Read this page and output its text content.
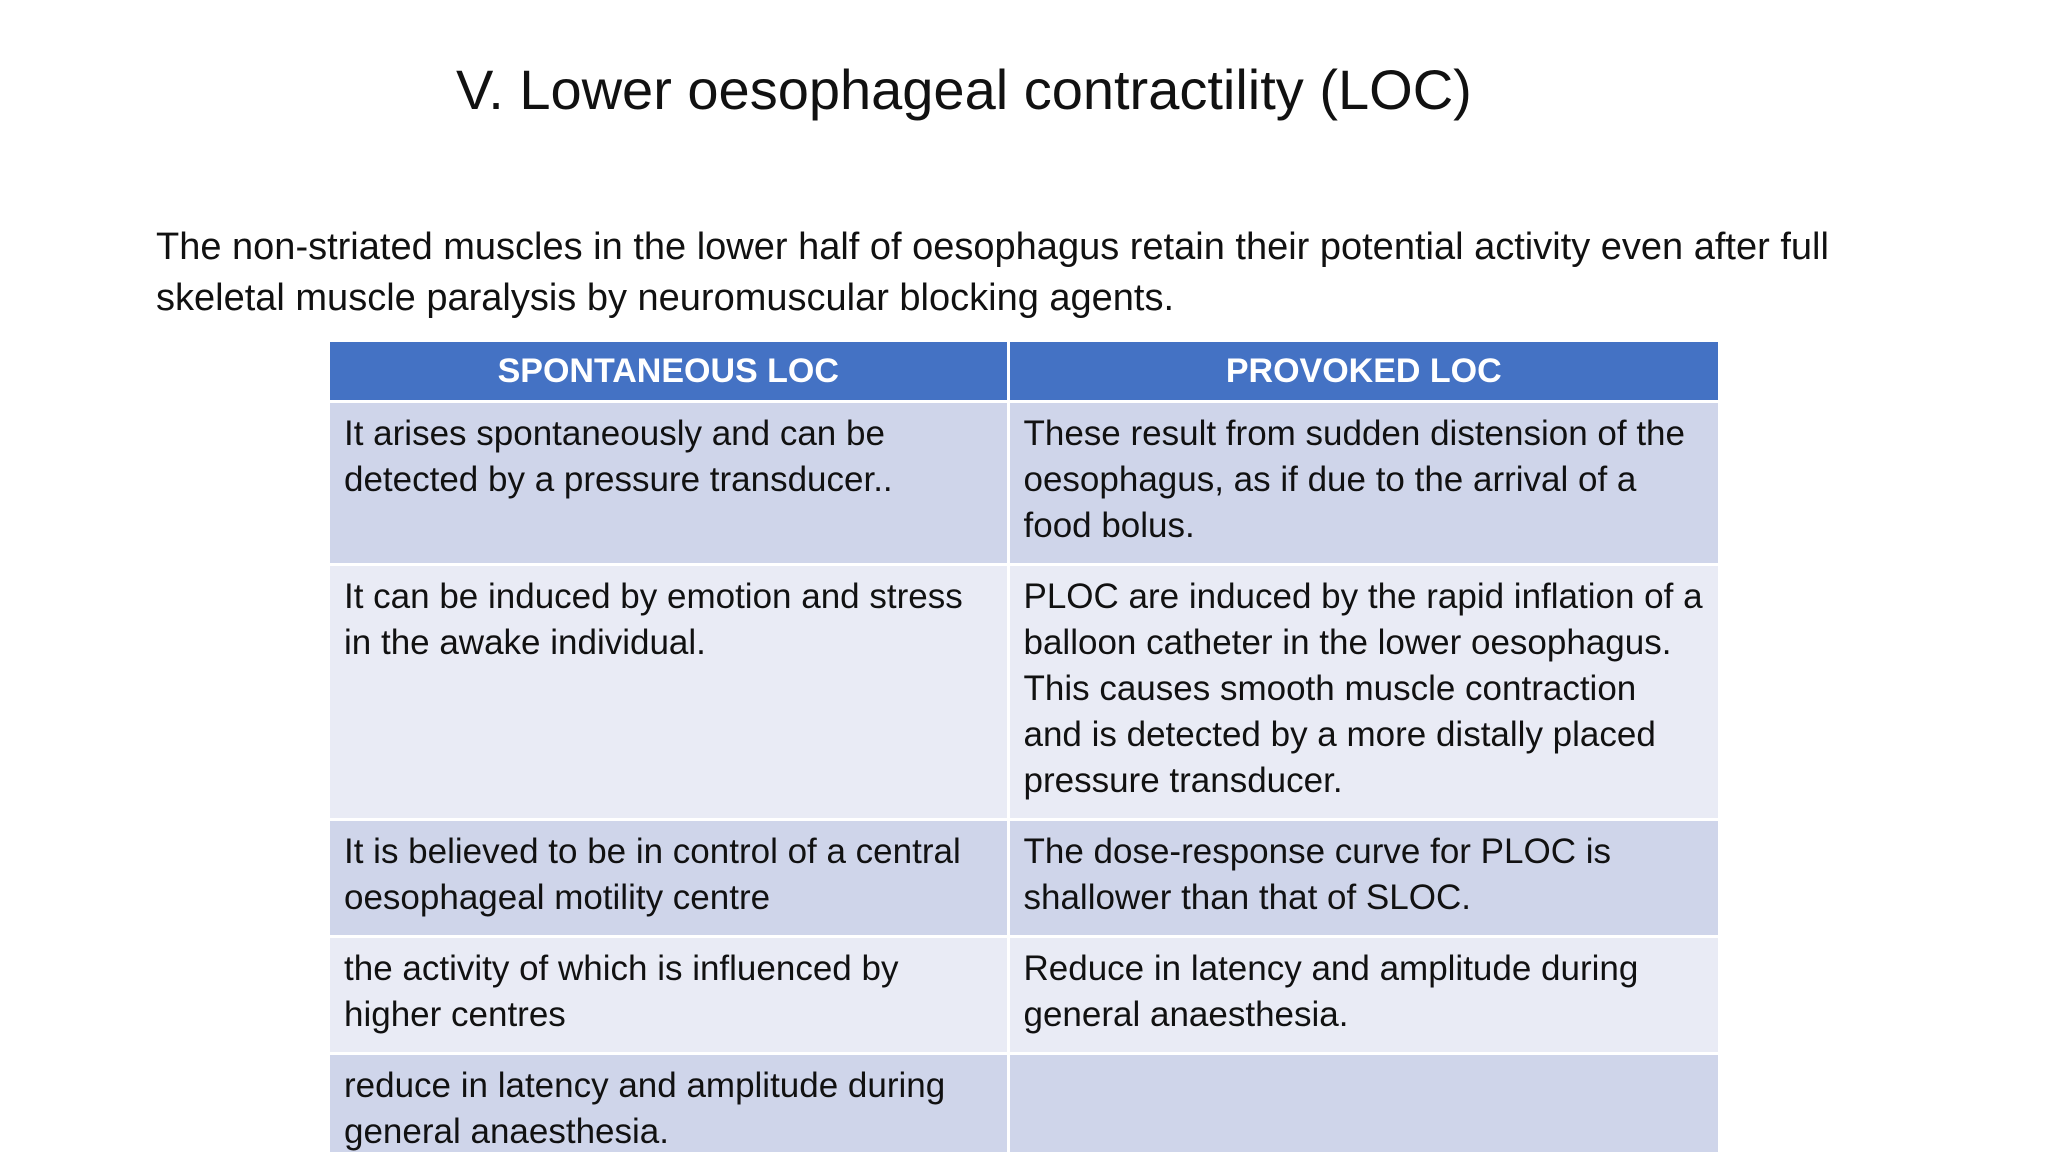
V. Lower oesophageal contractility (LOC)
The non-striated muscles in the lower half of oesophagus retain their potential activity even after full skeletal muscle paralysis by neuromuscular blocking agents.
SPONTANEOUS LOC	PROVOKED LOC
It arises spontaneously and can be detected by a pressure transducer..	These result from sudden distension of the oesophagus, as if due to the arrival of a food bolus.
It can be induced by emotion and stress in the awake individual.	PLOC are induced by the rapid inflation of a balloon catheter in the lower oesophagus. This causes smooth muscle contraction and is detected by a more distally placed pressure transducer.
It is believed to be in control of a central oesophageal motility centre	The dose-response curve for PLOC is shallower than that of SLOC.
the activity of which is influenced by higher centres	Reduce in latency and amplitude during general anaesthesia.
reduce in latency and amplitude during general anaesthesia.	
